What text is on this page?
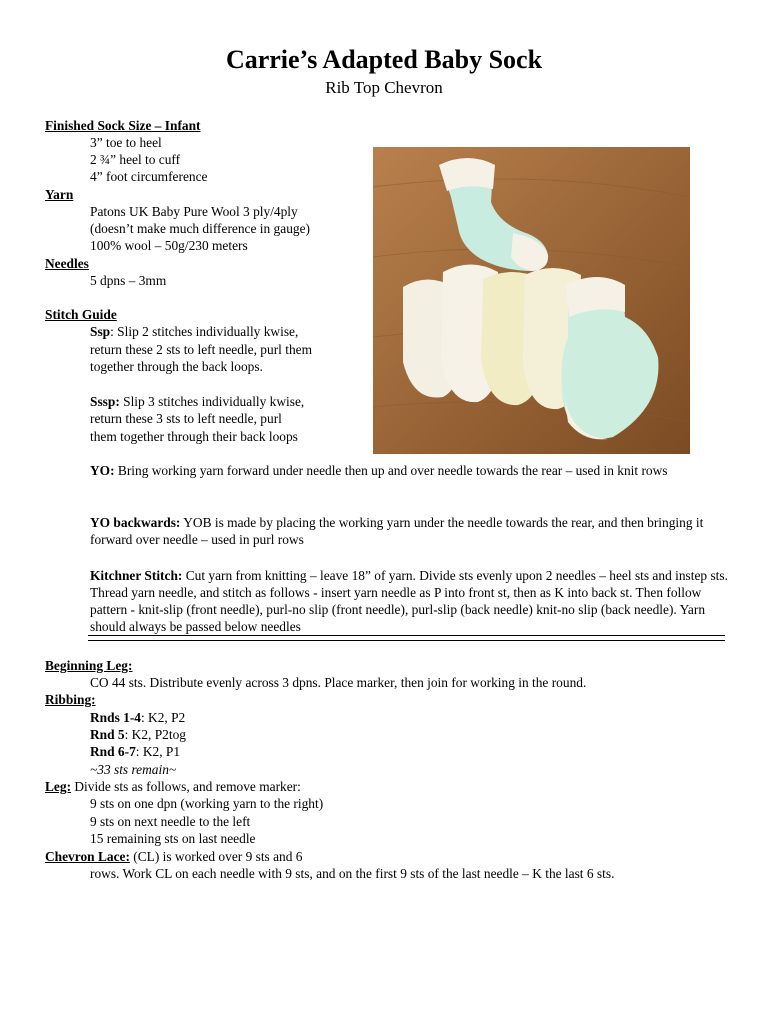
Carrie’s Adapted Baby Sock
Rib Top Chevron
Finished Sock Size – Infant
3” toe to heel
2 ¾” heel to cuff
4” foot circumference
Yarn
Patons UK Baby Pure Wool 3 ply/4ply
(doesn’t make much difference in gauge)
100% wool – 50g/230 meters
Needles
5 dpns – 3mm
Stitch Guide
Ssp: Slip 2 stitches individually kwise,
return these 2 sts to left needle, purl them
together through the back loops.
Sssp: Slip 3 stitches individually kwise,
return these 3 sts to left needle, purl
them together through their back loops
YO: Bring working yarn forward under needle then up and over needle towards the rear – used in knit rows
YO backwards: YOB is made by placing the working yarn under the needle towards the rear, and then bringing it forward over needle – used in purl rows
Kitchner Stitch: Cut yarn from knitting – leave 18” of yarn. Divide sts evenly upon 2 needles – heel sts and instep sts. Thread yarn needle, and stitch as follows - insert yarn needle as P into front st, then as K into back st. Then follow pattern - knit-slip (front needle), purl-no slip (front needle), purl-slip (back needle) knit-no slip (back needle). Yarn should always be passed below needles
Beginning Leg:
CO 44 sts. Distribute evenly across 3 dpns. Place marker, then join for working in the round.
Ribbing:
Rnds 1-4: K2, P2
Rnd 5: K2, P2tog
Rnd 6-7: K2, P1
~33 sts remain~
Leg: Divide sts as follows, and remove marker:
9 sts on one dpn (working yarn to the right)
9 sts on next needle to the left
15 remaining sts on last needle
Chevron Lace: (CL) is worked over 9 sts and 6
rows. Work CL on each needle with 9 sts, and on the first 9 sts of the last needle – K the last 6 sts.
